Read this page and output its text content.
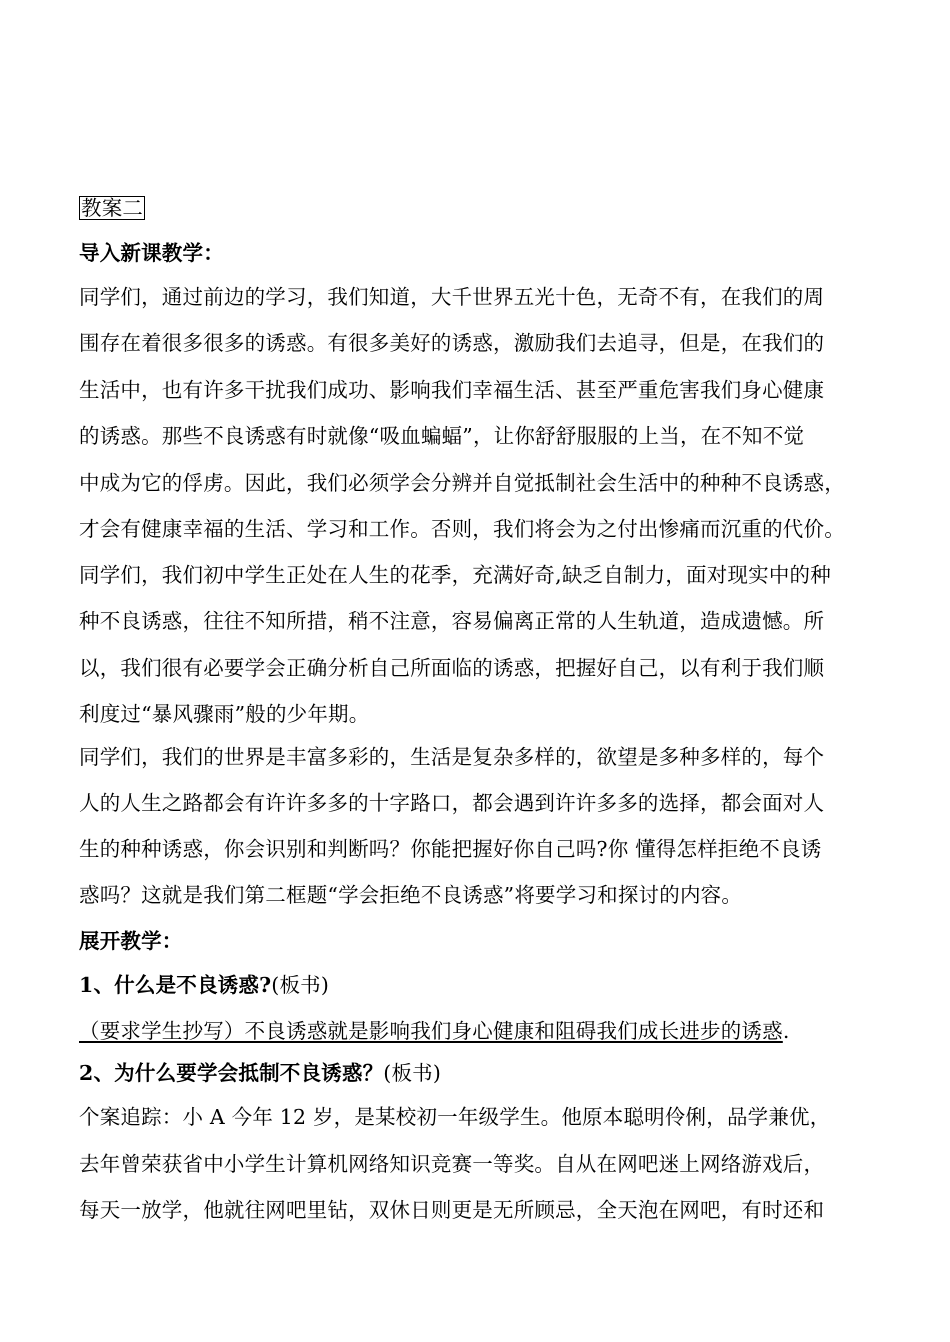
教案二
导入新课教学：
同学们，通过前边的学习，我们知道，大千世界五光十色，无奇不有，在我们的周
围存在着很多很多的诱惑。有很多美好的诱惑，激励我们去追寻，但是，在我们的
生活中，也有许多干扰我们成功、影响我们幸福生活、甚至严重危害我们身心健康
的诱惑。那些不良诱惑有时就像“吸血蝙蝠”，让你舒舒服服的上当，在不知不觉
中成为它的俘虏。因此，我们必须学会分辨并自觉抵制社会生活中的种种不良诱惑，
才会有健康幸福的生活、学习和工作。否则，我们将会为之付出惨痛而沉重的代价。
同学们，我们初中学生正处在人生的花季，充满好奇,缺乏自制力，面对现实中的种
种不良诱惑，往往不知所措，稍不注意，容易偏离正常的人生轨道，造成遗憾。所
以，我们很有必要学会正确分析自己所面临的诱惑，把握好自己，以有利于我们顺
利度过“暴风骤雨”般的少年期。
同学们，我们的世界是丰富多彩的，生活是复杂多样的，欲望是多种多样的，每个
人的人生之路都会有许许多多的十字路口，都会遇到许许多多的选择，都会面对人
生的种种诱惑，你会识别和判断吗？你能把握好你自己吗?你 懂得怎样拒绝不良诱
惑吗？这就是我们第二框题“学会拒绝不良诱惑”将要学习和探讨的内容。
展开教学：
1、什么是不良诱惑?(板书)
（要求学生抄写）不良诱惑就是影响我们身心健康和阻碍我们成长进步的诱惑.
2、为什么要学会抵制不良诱惑？(板书)
个案追踪：小 A 今年 12 岁，是某校初一年级学生。他原本聪明伶俐，品学兼优，
去年曾荣获省中小学生计算机网络知识竞赛一等奖。自从在网吧迷上网络游戏后，
每天一放学，他就往网吧里钻，双休日则更是无所顾忌，全天泡在网吧，有时还和
